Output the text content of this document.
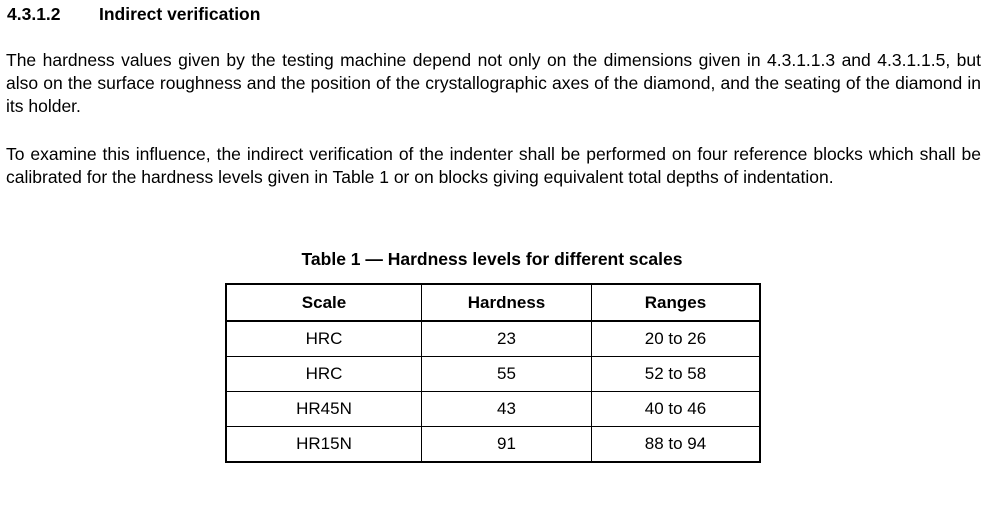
4.3.1.2 Indirect verification

The hardness values given by the testing machine depend not only on the dimensions given in 4.3.1.1.3 and 4.3.1.1.5, but also on the surface roughness and the position of the crystallographic axes of the diamond, and the seating of the diamond in its holder.

To examine this influence, the indirect verification of the indenter shall be performed on four reference blocks which shall be calibrated for the hardness levels given in Table 1 or on blocks giving equivalent total depths of indentation.

Table 1 — Hardness levels for different scales
Scale	Hardness	Ranges
HRC	23	20 to 26
HRC	55	52 to 58
HR45N	43	40 to 46
HR15N	91	88 to 94
